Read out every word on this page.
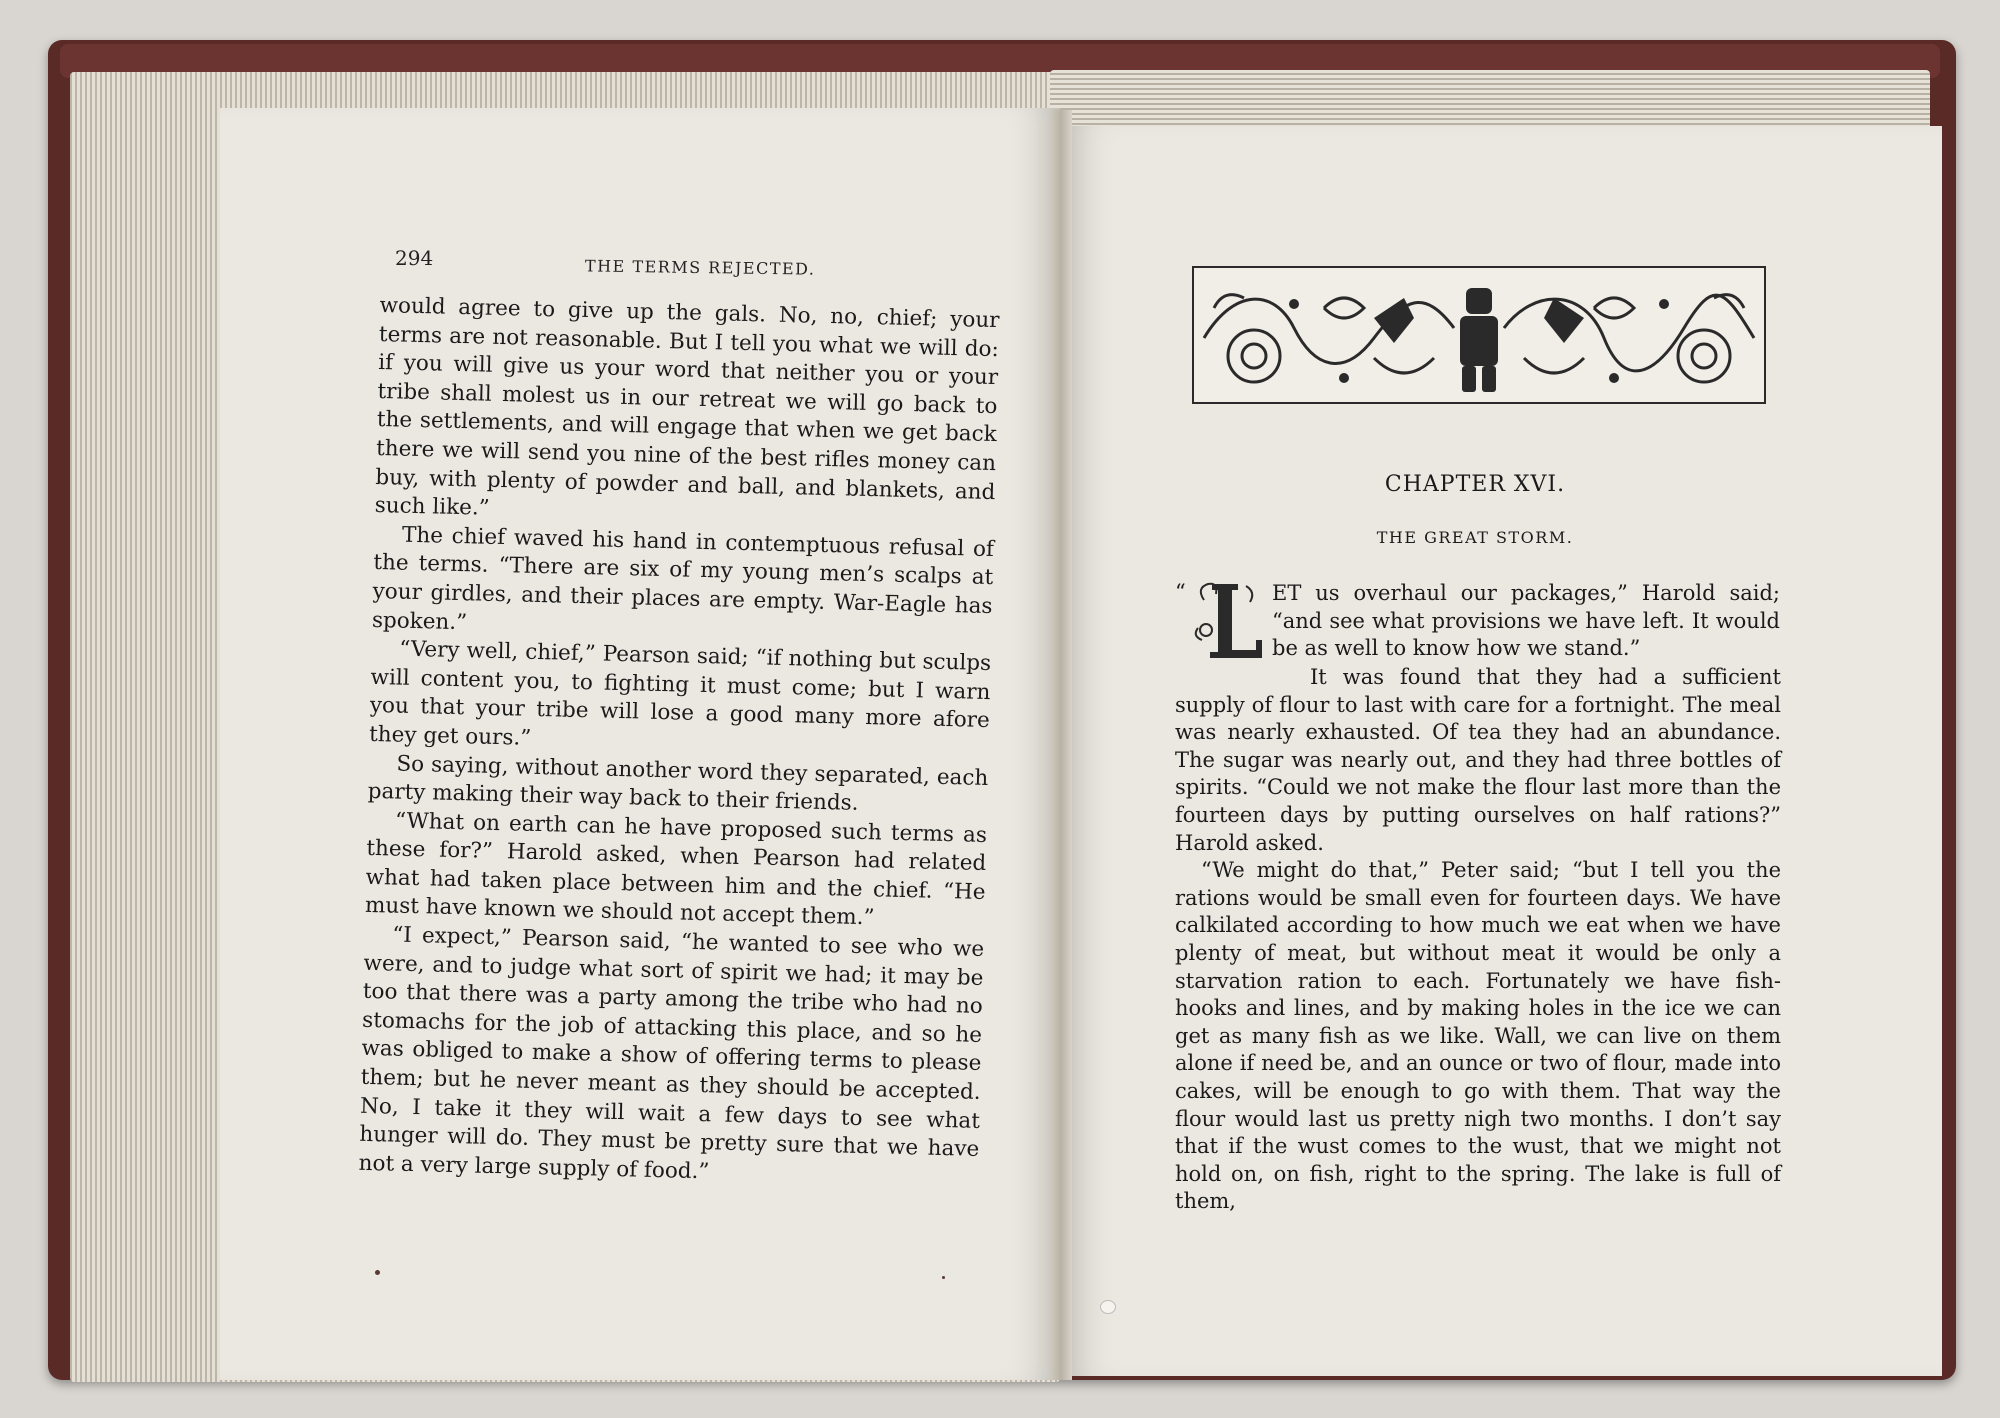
294	THE TERMS REJECTED.

would agree to give up the gals. No, no, chief; your terms are not reasonable. But I tell you what we will do: if you will give us your word that neither you or your tribe shall molest us in our retreat we will go back to the settlements, and will engage that when we get back there we will send you nine of the best rifles money can buy, with plenty of powder and ball, and blankets, and such like.”

The chief waved his hand in contemptuous refusal of the terms. “There are six of my young men’s scalps at your girdles, and their places are empty. War-Eagle has spoken.”

“Very well, chief,” Pearson said; “if nothing but sculps will content you, to fighting it must come; but I warn you that your tribe will lose a good many more afore they get ours.”

So saying, without another word they separated, each party making their way back to their friends.

“What on earth can he have proposed such terms as these for?” Harold asked, when Pearson had related what had taken place between him and the chief. “He must have known we should not accept them.”

“I expect,” Pearson said, “he wanted to see who we were, and to judge what sort of spirit we had; it may be too that there was a party among the tribe who had no stomachs for the job of attacking this place, and so he was obliged to make a show of offering terms to please them; but he never meant as they should be accepted. No, I take it they will wait a few days to see what hunger will do. They must be pretty sure that we have not a very large supply of food.”

CHAPTER XVI.
THE GREAT STORM.
“	ET us overhaul our packages,” Harold said; “and see what provisions we have left. It would be as well to know how we stand.”

It was found that they had a sufficient supply of flour to last with care for a fortnight. The meal was nearly exhausted. Of tea they had an abundance. The sugar was nearly out, and they had three bottles of spirits. “Could we not make the flour last more than the fourteen days by putting ourselves on half rations?” Harold asked.

“We might do that,” Peter said; “but I tell you the rations would be small even for fourteen days. We have calkilated according to how much we eat when we have plenty of meat, but without meat it would be only a starvation ration to each. Fortunately we have fish-hooks and lines, and by making holes in the ice we can get as many fish as we like. Wall, we can live on them alone if need be, and an ounce or two of flour, made into cakes, will be enough to go with them. That way the flour would last us pretty nigh two months. I don’t say that if the wust comes to the wust, that we might not hold on, on fish, right to the spring. The lake is full of them,
